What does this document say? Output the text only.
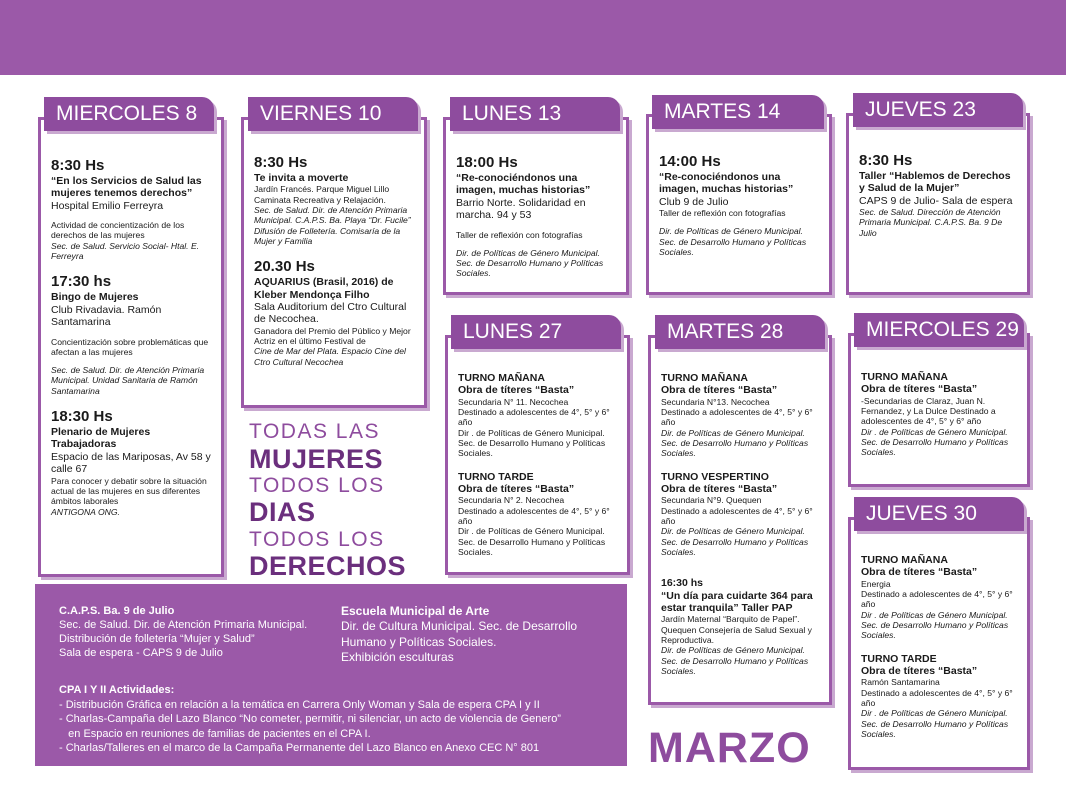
8:30 Hs
“En los Servicios de Salud las mujeres tenemos derechos”
Hospital Emilio Ferreyra
Actividad de concientización de los derechos de las mujeres
Sec. de Salud. Servicio Social- Htal. E. Ferreyra
17:30 hs
Bingo de Mujeres
Club Rivadavia. Ramón Santamarina
Concientización sobre problemáticas que afectan a las mujeres
Sec. de Salud. Dir. de Atención Primaria Municipal. Unidad Sanitaria de Ramón Santamarina
18:30 Hs
Plenario de Mujeres Trabajadoras
Espacio de las Mariposas, Av 58 y calle 67
Para conocer y debatir sobre la situación actual de las mujeres en sus diferentes ámbitos laborales
ANTIGONA ONG.
MIERCOLES 8
8:30 Hs
Te invita a moverte
Jardín Francés. Parque Miguel Lillo Caminata Recreativa y Relajación.
Sec. de Salud. Dir. de Atención Primaria Municipal. C.A.P.S. Ba. Playa “Dr. Fucile” Difusión de Folletería. Comisaría de la Mujer y Familia
20.30 Hs
AQUARIUS (Brasil, 2016) de Kleber Mendonça Filho
Sala Auditorium del Ctro Cultural de Necochea.
Ganadora del Premio del Público y Mejor Actriz en el último Festival de
Cine de Mar del Plata. Espacio Cine del Ctro Cultural Necochea
VIERNES 10
18:00 Hs
“Re-conociéndonos una imagen, muchas historias”
Barrio Norte. Solidaridad en marcha. 94 y 53
Taller de reflexión con fotografías
Dir. de Políticas de Género Municipal. Sec. de Desarrollo Humano y Políticas Sociales.
LUNES 13
14:00 Hs
“Re-conociéndonos una imagen, muchas historias”
Club 9 de Julio
Taller de reflexión con fotografías
Dir. de Políticas de Género Municipal. Sec. de Desarrollo Humano y Políticas Sociales.
MARTES 14
8:30 Hs
Taller “Hablemos de Derechos y Salud de la Mujer”
CAPS 9 de Julio- Sala de espera
Sec. de Salud. Dirección de Atención Primaria Municipal. C.A.P.S. Ba. 9 De Julio
JUEVES 23
TURNO MAÑANA
Obra de títeres “Basta”
Secundaria N° 11. Necochea
Destinado a adolescentes de 4°, 5° y 6° año
Dir . de Políticas de Género Municipal. Sec. de Desarrollo Humano y Políticas Sociales.
TURNO TARDE
Obra de títeres “Basta”
Secundaria N° 2. Necochea
Destinado a adolescentes de 4°, 5° y 6° año
Dir . de Políticas de Género Municipal. Sec. de Desarrollo Humano y Políticas Sociales.
LUNES 27
TURNO MAÑANA
Obra de títeres “Basta”
Secundaria N°13. Necochea
Destinado a adolescentes de 4°, 5° y 6° año
Dir. de Políticas de Género Municipal. Sec. de Desarrollo Humano y Políticas Sociales.
TURNO VESPERTINO
Obra de títeres “Basta”
Secundaria N°9. Quequen
Destinado a adolescentes de 4°, 5° y 6° año
Dir. de Políticas de Género Municipal. Sec. de Desarrollo Humano y Políticas Sociales.
16:30 hs
“Un día para cuidarte 364 para estar tranquila” Taller PAP
Jardín Maternal “Barquito de Papel”. Quequen Consejería de Salud Sexual y Reproductiva.
Dir. de Políticas de Género Municipal. Sec. de Desarrollo Humano y Políticas Sociales.
MARTES 28
TURNO MAÑANA
Obra de títeres “Basta”
-Secundarias de Claraz, Juan N. Fernandez, y La Dulce Destinado a adolescentes de 4°, 5° y 6° año
Dir . de Políticas de Género Municipal. Sec. de Desarrollo Humano y Políticas Sociales.
MIERCOLES 29
TURNO MAÑANA
Obra de títeres “Basta”
Energia
Destinado a adolescentes de 4°, 5° y 6° año
Dir . de Políticas de Género Municipal. Sec. de Desarrollo Humano y Políticas Sociales.
TURNO TARDE
Obra de títeres “Basta”
Ramón Santamarina
Destinado a adolescentes de 4°, 5° y 6° año
Dir . de Políticas de Género Municipal. Sec. de Desarrollo Humano y Políticas Sociales.
JUEVES 30
TODAS LAS
MUJERES
TODOS LOS
DIAS
TODOS LOS
DERECHOS
C.A.P.S. Ba. 9 de Julio
Sec. de Salud. Dir. de Atención Primaria Municipal.
Distribución de folletería “Mujer y Salud”
Sala de espera - CAPS 9 de Julio
Escuela Municipal de Arte
Dir. de Cultura Municipal. Sec. de Desarrollo
Humano y Políticas Sociales.
Exhibición esculturas
CPA I Y II Actividades:
- Distribución Gráfica en relación a la temática en Carrera Only Woman y Sala de espera CPA I y II
- Charlas-Campaña del Lazo Blanco “No cometer, permitir, ni silenciar, un acto de violencia de Genero”
en Espacio en reuniones de familias de pacientes en el CPA I.
- Charlas/Talleres en el marco de la Campaña Permanente del Lazo Blanco en Anexo CEC N° 801	MARZO
